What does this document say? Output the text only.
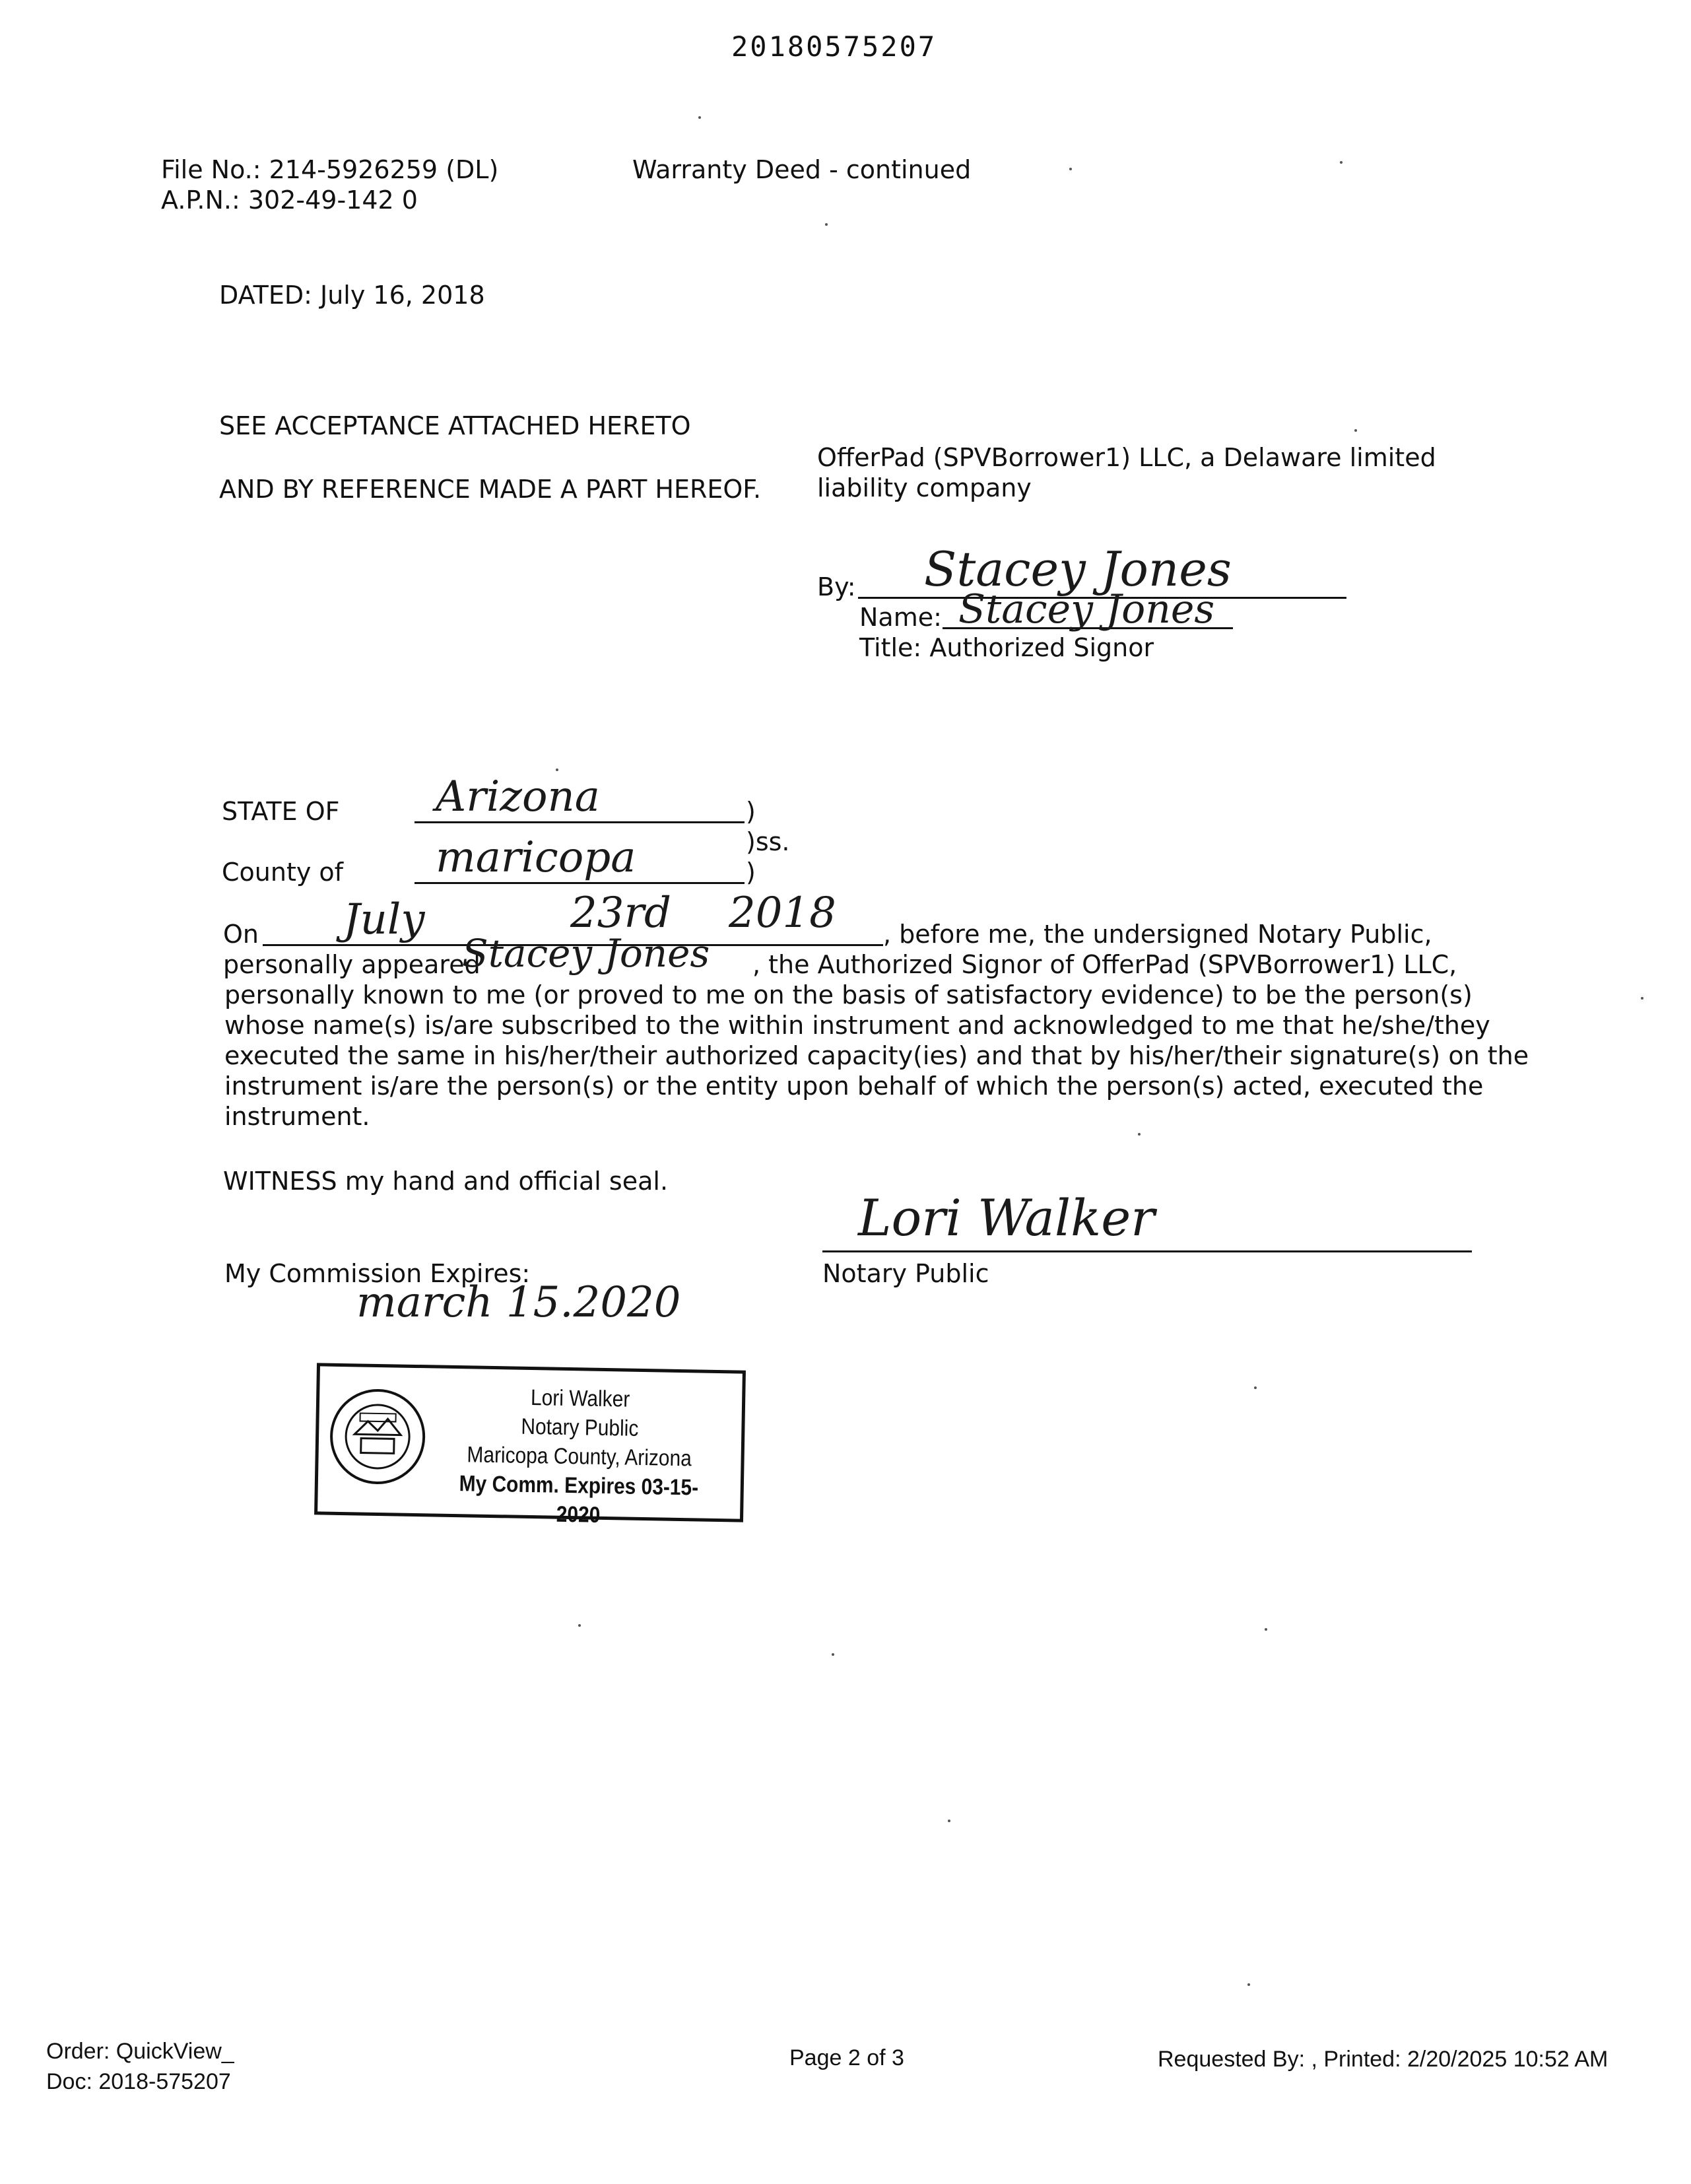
20180575207
File No.: 214-5926259 (DL)
A.P.N.: 302-49-142 0
Warranty Deed - continued
DATED: July 16, 2018
SEE ACCEPTANCE ATTACHED HERETO
AND BY REFERENCE MADE A PART HEREOF.
OfferPad (SPVBorrower1) LLC, a Delaware limited
liability company
By: Stacey Jones
Name: Stacey Jones
Title: Authorized Signor
STATE OF Arizona	)
)ss.
County of maricopa	)
On July	23rd 2018 , before me, the undersigned Notary Public,
personally appeared
Stacey Jones , the Authorized Signor of OfferPad (SPVBorrower1) LLC,
personally known to me (or proved to me on the basis of satisfactory evidence) to be the person(s)
whose name(s) is/are subscribed to the within instrument and acknowledged to me that he/she/they
executed the same in his/her/their authorized capacity(ies) and that by his/her/their signature(s) on the
instrument is/are the person(s) or the entity upon behalf of which the person(s) acted, executed the
instrument.
WITNESS my hand and official seal.
Lori Walker
Notary Public
My Commission Expires:
march 15.2020
Lori Walker
Notary Public
Maricopa County, Arizona
My Comm. Expires 03-15-2020
Order: QuickView_
Doc: 2018-575207
Page 2 of 3	Requested By: , Printed: 2/20/2025 10:52 AM
